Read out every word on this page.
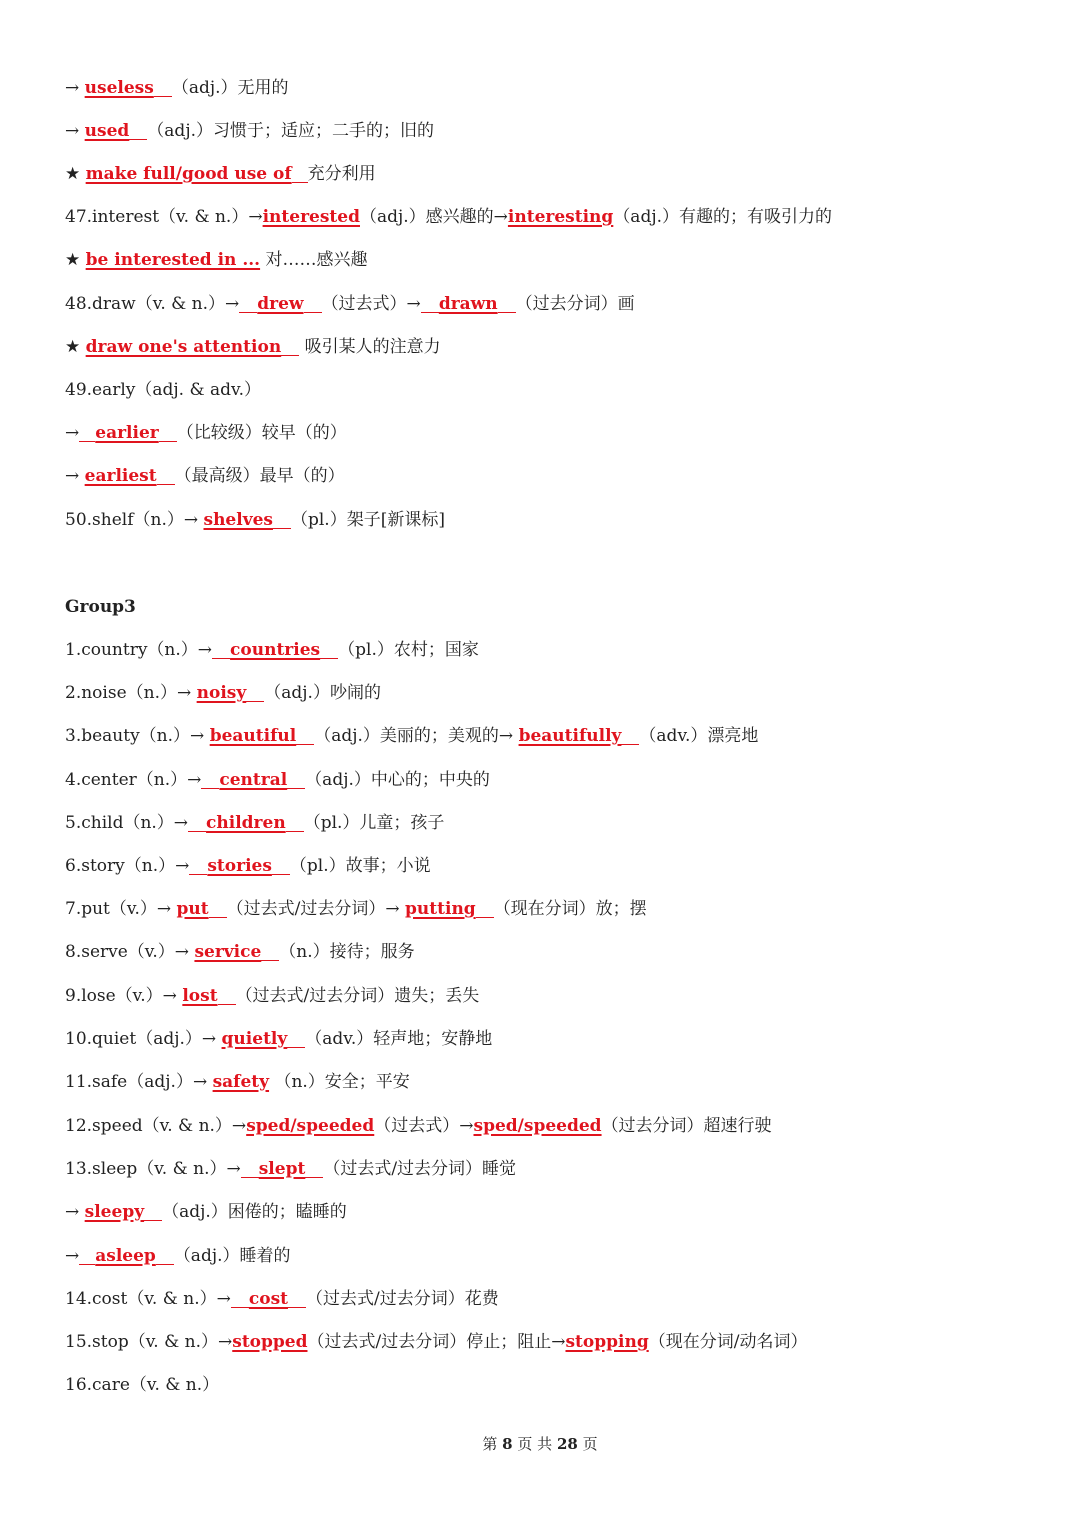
→ useless （adj.）无用的
→ used （adj.）习惯于；适应；二手的；旧的
★ make full/good use of 充分利用
47.interest（v. & n.）→interested（adj.）感兴趣的→interesting（adj.）有趣的；有吸引力的
★ be interested in ... 对……感兴趣
48.draw（v. & n.）→ drew （过去式）→ drawn （过去分词）画
★ draw one's attention 吸引某人的注意力
49.early（adj. & adv.）
→ earlier （比较级）较早（的）
→ earliest （最高级）最早（的）
50.shelf（n.）→ shelves （pl.）架子[新课标]
Group3
1.country（n.）→ countries （pl.）农村；国家
2.noise（n.）→ noisy （adj.）吵闹的
3.beauty（n.）→ beautiful （adj.）美丽的；美观的→ beautifully （adv.）漂亮地
4.center（n.）→ central （adj.）中心的；中央的
5.child（n.）→ children （pl.）儿童；孩子
6.story（n.）→ stories （pl.）故事；小说
7.put（v.）→ put （过去式/过去分词）→ putting （现在分词）放；摆
8.serve（v.）→ service （n.）接待；服务
9.lose（v.）→ lost （过去式/过去分词）遗失；丢失
10.quiet（adj.）→ quietly （adv.）轻声地；安静地
11.safe（adj.）→ safety （n.）安全；平安
12.speed（v. & n.）→sped/speeded（过去式）→sped/speeded（过去分词）超速行驶
13.sleep（v. & n.）→ slept （过去式/过去分词）睡觉
→ sleepy （adj.）困倦的；瞌睡的
→ asleep （adj.）睡着的
14.cost（v. & n.）→ cost （过去式/过去分词）花费
15.stop（v. & n.）→stopped（过去式/过去分词）停止；阻止→stopping（现在分词/动名词）
16.care（v. & n.）
第 8 页 共 28 页
